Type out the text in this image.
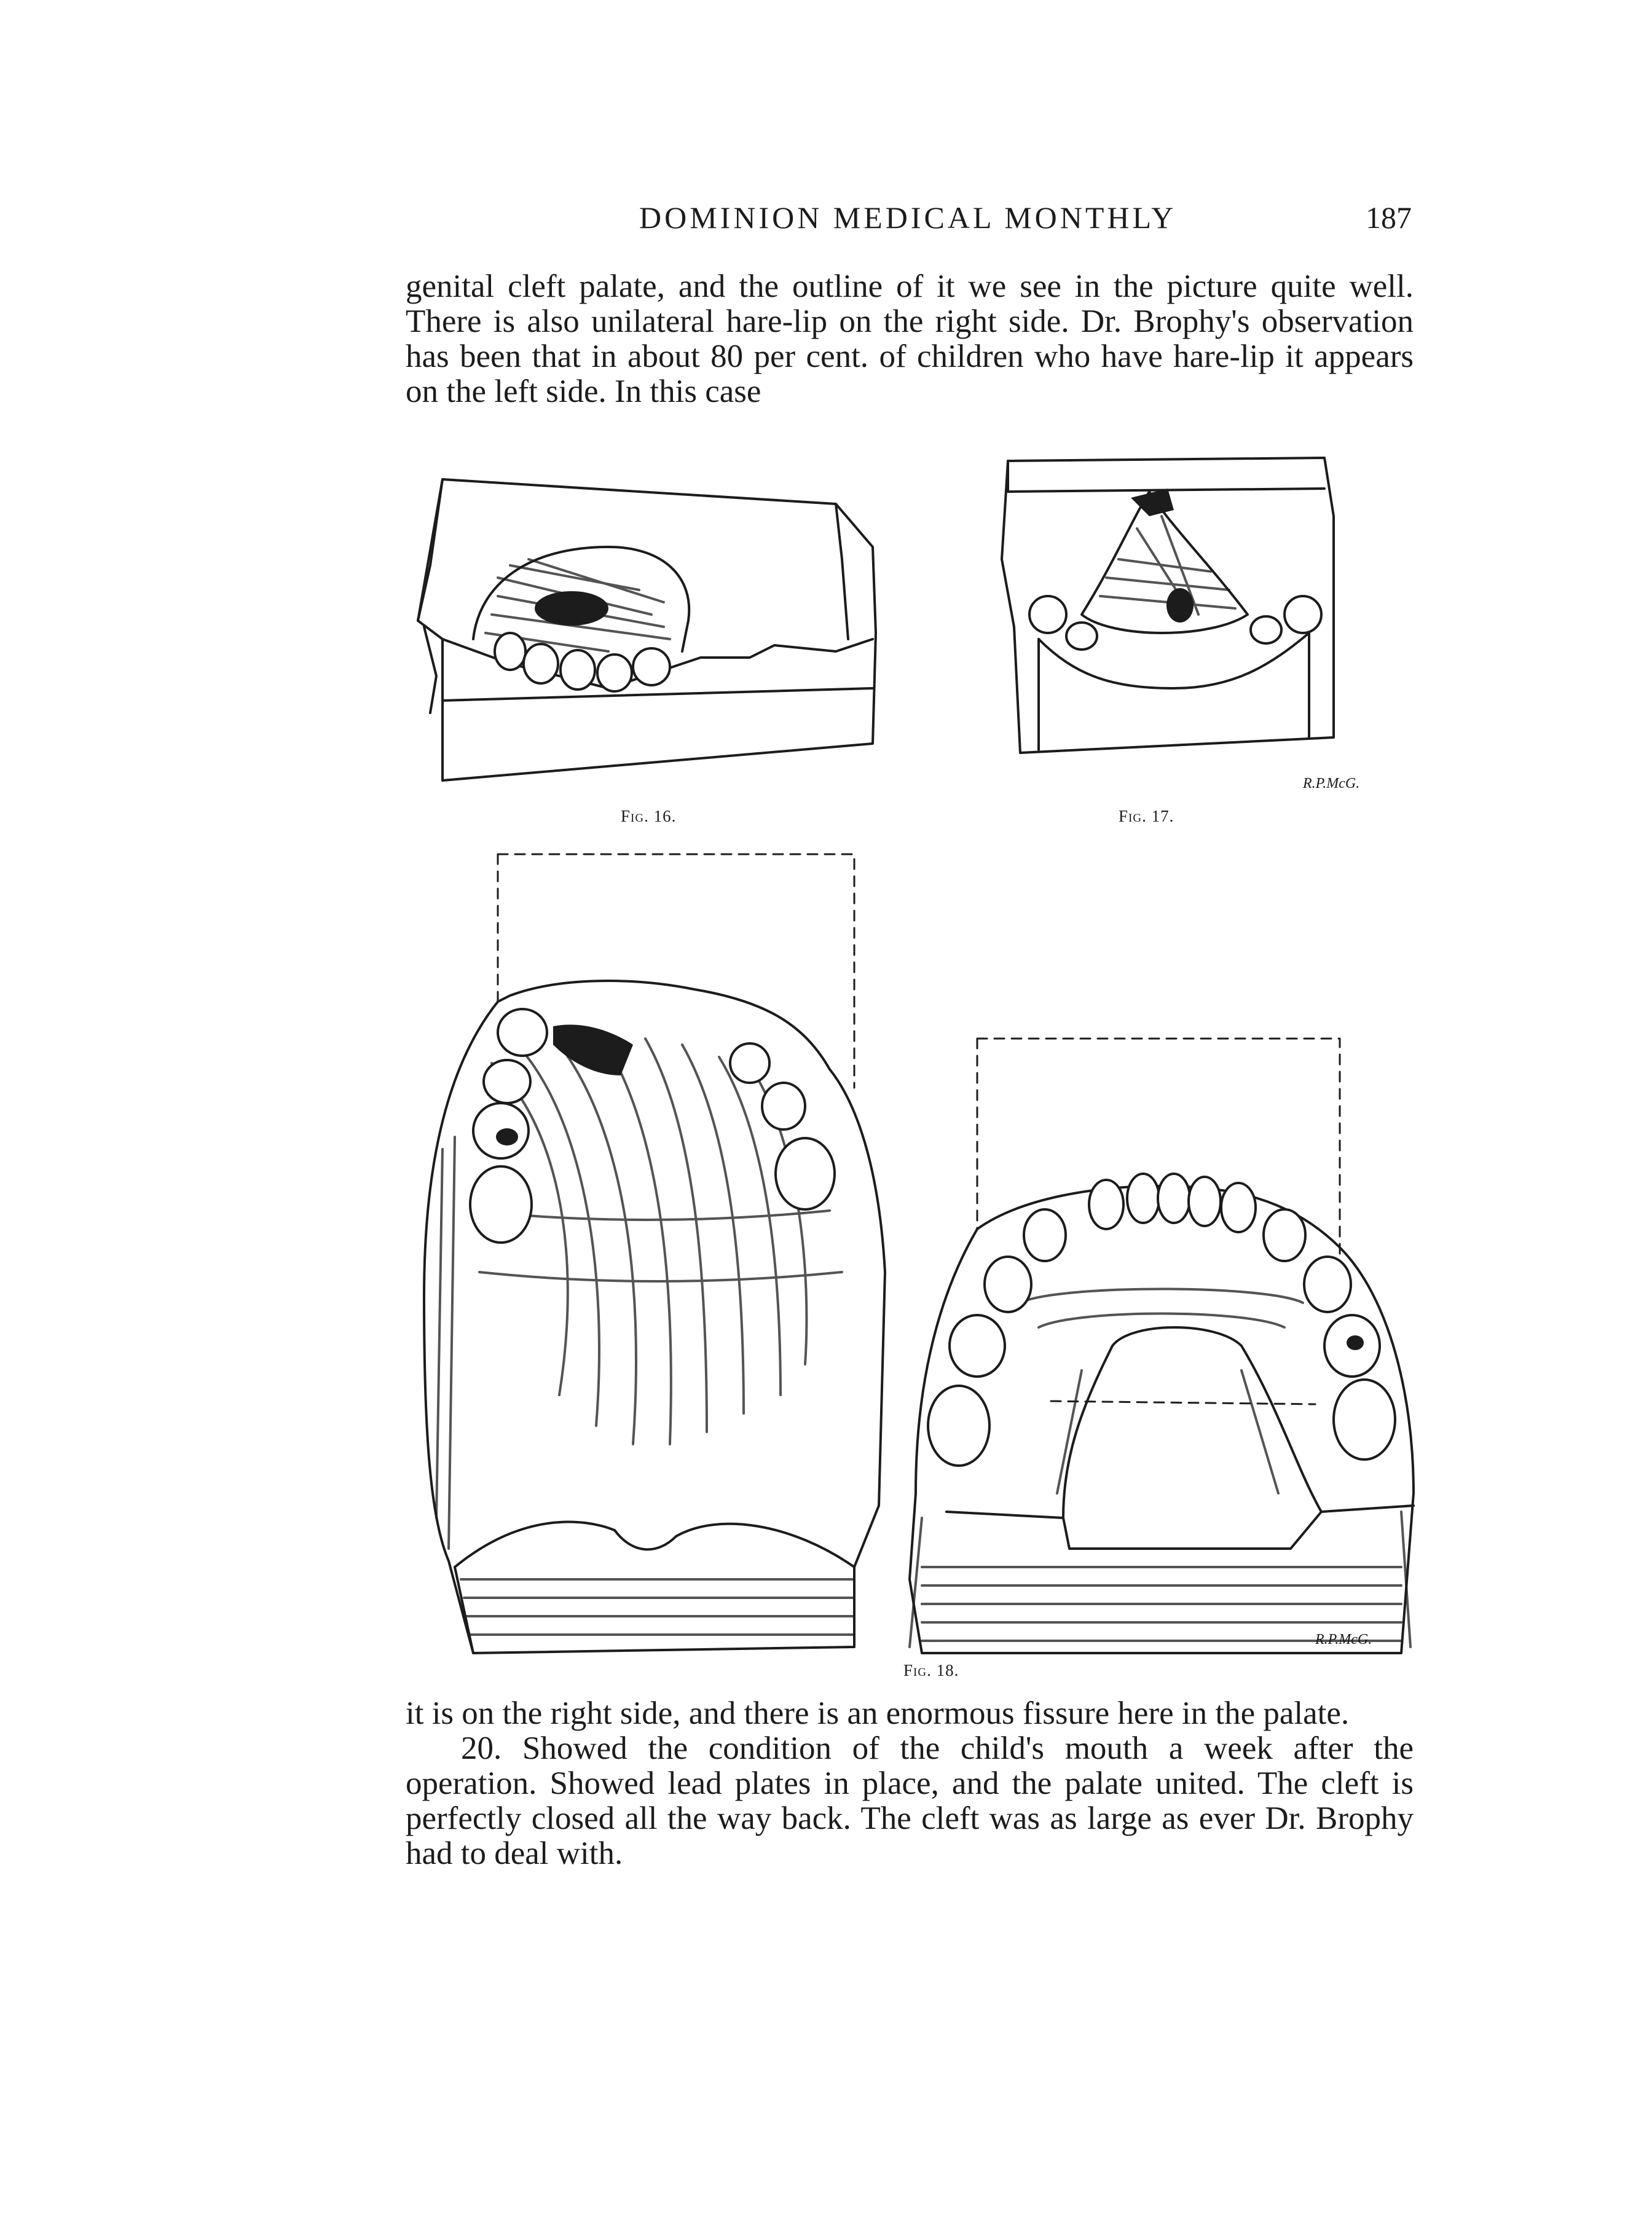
DOMINION MEDICAL MONTHLY	187

genital cleft palate, and the outline of it we see in the picture quite well. There is also unilateral hare-lip on the right side. Dr. Brophy's observation has been that in about 80 per cent. of children who have hare-lip it appears on the left side. In this case

Fig. 16.	Fig. 17.
R.P.McG.
Fig. 18.
R.P.McG.

it is on the right side, and there is an enormous fissure here in the palate.

20. Showed the condition of the child's mouth a week after the operation. Showed lead plates in place, and the palate united. The cleft is perfectly closed all the way back. The cleft was as large as ever Dr. Brophy had to deal with.
